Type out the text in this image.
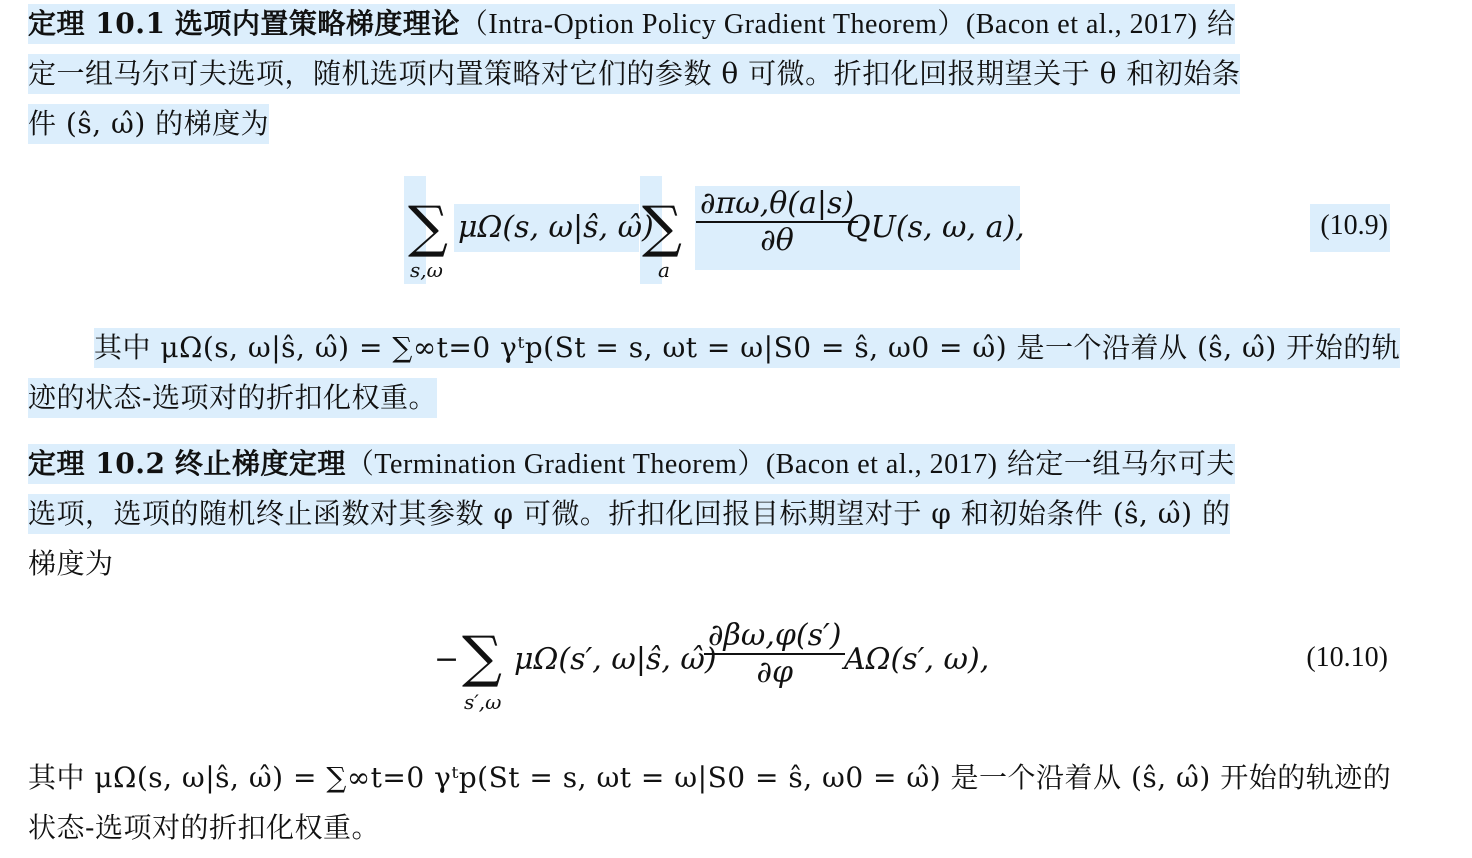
定理 10.1 选项内置策略梯度理论（Intra-Option Policy Gradient Theorem）(Bacon et al., 2017) 给
定一组马尔可夫选项，随机选项内置策略对它们的参数 θ 可微。折扣化回报期望关于 θ 和初始条
件 (ŝ, ω̂) 的梯度为
∑
s,ω
μΩ(s, ω|ŝ, ω̂)
∑
a
$\frac{\partial\pi\omega,\theta(a|s)}{\partial\theta}$
QU(s, ω, a),	(10.9)
其中 μΩ(s, ω|ŝ, ω̂) = ∑∞t=0 γᵗp(St = s, ωt = ω|S0 = ŝ, ω0 = ω̂) 是一个沿着从 (ŝ, ω̂) 开始的轨
迹的状态-选项对的折扣化权重。
定理 10.2 终止梯度定理（Termination Gradient Theorem）(Bacon et al., 2017) 给定一组马尔可夫
选项，选项的随机终止函数对其参数 φ 可微。折扣化回报目标期望对于 φ 和初始条件 (ŝ, ω̂) 的
梯度为
− ∑
s′,ω
μΩ(s′, ω|ŝ, ω̂)
$\frac{\partial\beta\omega,\varphi(s')}{\partial\varphi}$
AΩ(s′, ω),	(10.10)
其中 μΩ(s, ω|ŝ, ω̂) = ∑∞t=0 γᵗp(St = s, ωt = ω|S0 = ŝ, ω0 = ω̂) 是一个沿着从 (ŝ, ω̂) 开始的轨迹的
状态-选项对的折扣化权重。
